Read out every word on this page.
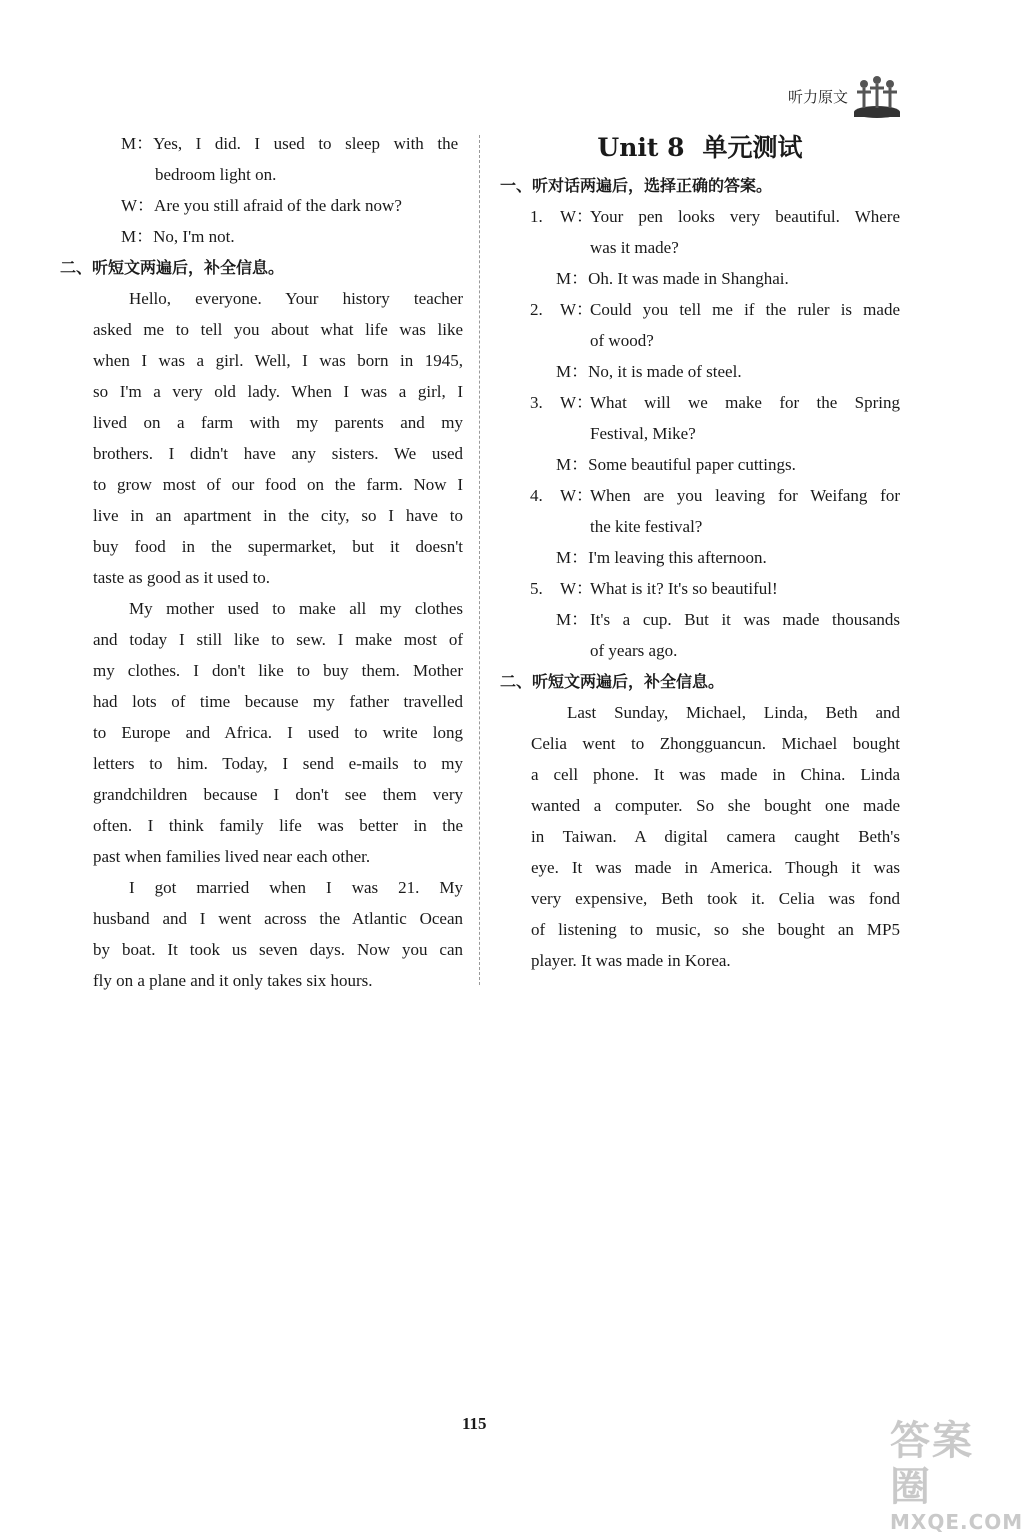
听力原文
M：Yes, I did. I used to sleep with the
bedroom light on.
W：Are you still afraid of the dark now?
M：No, I'm not.
二、听短文两遍后，补全信息。
Hello, everyone. Your history teacher
asked me to tell you about what life was like
when I was a girl. Well, I was born in 1945,
so I'm a very old lady. When I was a girl, I
lived on a farm with my parents and my
brothers. I didn't have any sisters. We used
to grow most of our food on the farm. Now I
live in an apartment in the city, so I have to
buy food in the supermarket, but it doesn't
taste as good as it used to.
My mother used to make all my clothes
and today I still like to sew. I make most of
my clothes. I don't like to buy them. Mother
had lots of time because my father travelled
to Europe and Africa. I used to write long
letters to him. Today, I send e-mails to my
grandchildren because I don't see them very
often. I think family life was better in the
past when families lived near each other.
I got married when I was 21. My
husband and I went across the Atlantic Ocean
by boat. It took us seven days. Now you can
fly on a plane and it only takes six hours.
Unit 8 单元测试
一、听对话两遍后，选择正确的答案。
1.	W：
Your pen looks very beautiful. Where
was it made?
M：Oh. It was made in Shanghai.
2.	W：
Could you tell me if the ruler is made
of wood?
M：No, it is made of steel.
3.	W：
What will we make for the Spring
Festival, Mike?
M：Some beautiful paper cuttings.
4.	W：
When are you leaving for Weifang for
the kite festival?
M：I'm leaving this afternoon.
5.	W：
What is it? It's so beautiful!
M： It's a cup. But it was made thousands
of years ago.
二、听短文两遍后，补全信息。
Last Sunday, Michael, Linda, Beth and
Celia went to Zhongguancun. Michael bought
a cell phone. It was made in China. Linda
wanted a computer. So she bought one made
in Taiwan. A digital camera caught Beth's
eye. It was made in America. Though it was
very expensive, Beth took it. Celia was fond
of listening to music, so she bought an MP5
player. It was made in Korea.
115	答案圈
MXQE.COM
